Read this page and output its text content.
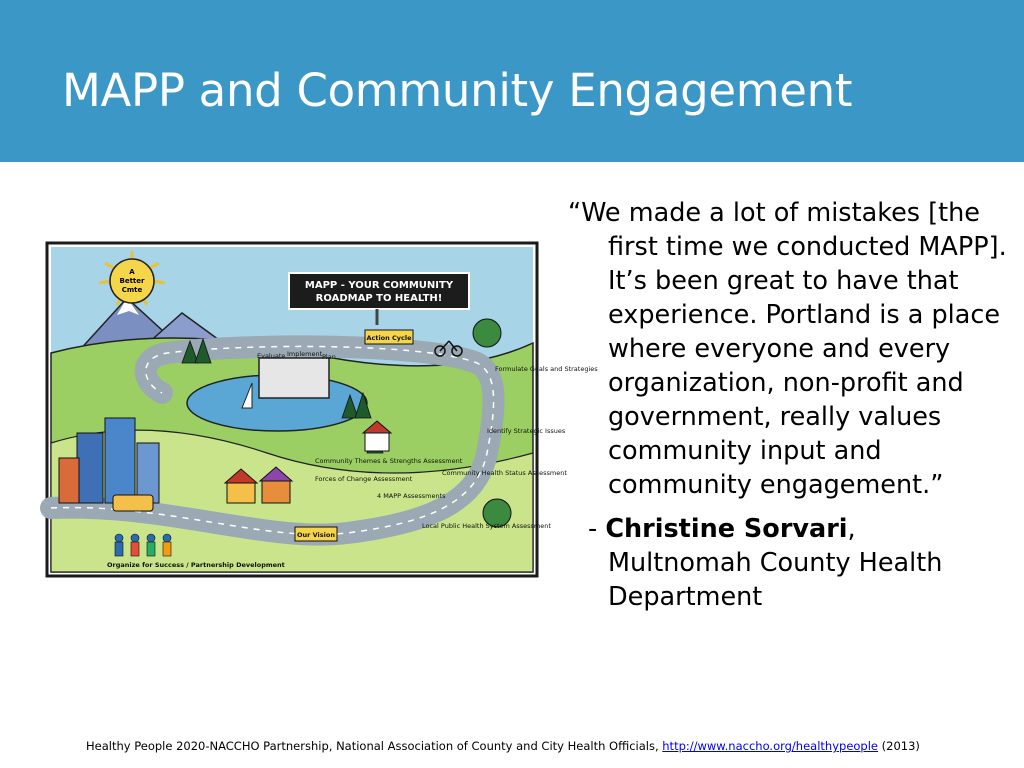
MAPP and Community Engagement
A
Better
Cmte	MAPP - YOUR COMMUNITY
ROADMAP TO HEALTH!
Action Cycle
Evaluate Implement Plan
Formulate Goals and Strategies
Identify Strategic Issues
Community Themes & Strengths Assessment
Forces of Change Assessment
4 MAPP Assessments
Community Health Status Assessment
Local Public Health System Assessment
Our Vision
Organize for Success / Partnership Development

“We made a lot of mistakes [the first time we conducted MAPP]. It’s been great to have that experience. Portland is a place where everyone and every organization, non-profit and government, really values community input and community engagement.”

- Christine Sorvari,
Multnomah County Health Department

Healthy People 2020-NACCHO Partnership, National Association of County and City Health Officials, http://www.naccho.org/healthypeople (2013)
